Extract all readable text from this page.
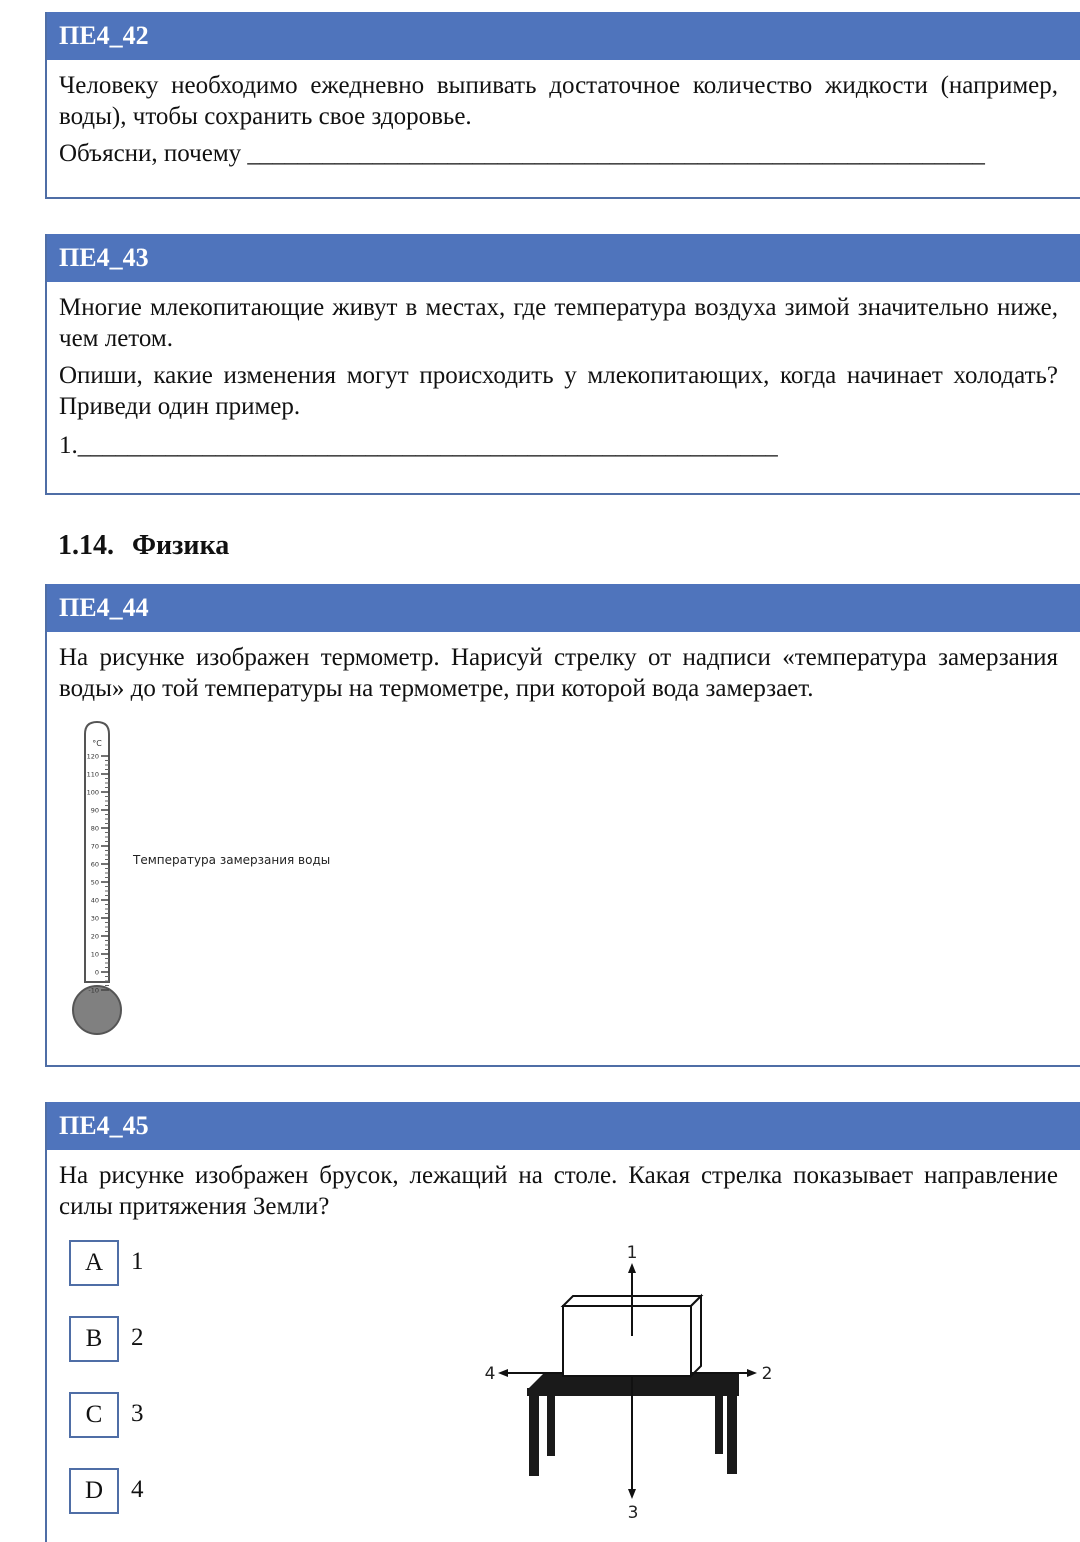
ПЕ4_42

Человеку необходимо ежедневно выпивать достаточное количество жидкости (например, воды), чтобы сохранить свое здоровье.

Объясни, почему ___________________________________________________________

ПЕ4_43

Многие млекопитающие живут в местах, где температура воздуха зимой значительно ниже, чем летом.

Опиши, какие изменения могут происходить у млекопитающих, когда начинает холодать? Приведи один пример.

1.________________________________________________________

1.14. Физика
ПЕ4_44

На рисунке изображен термометр. Нарисуй стрелку от надписи «температура замерзания воды» до той температуры на термометре, при которой вода замерзает.

°C
120
110
100
90
80
70
60
50
40
30
20
10
0
-10
Температура замерзания воды
ПЕ4_45

На рисунке изображен брусок, лежащий на столе. Какая стрелка показывает направление силы притяжения Земли?

A	1
B	2
C	3
D	4
1
2
4
3
